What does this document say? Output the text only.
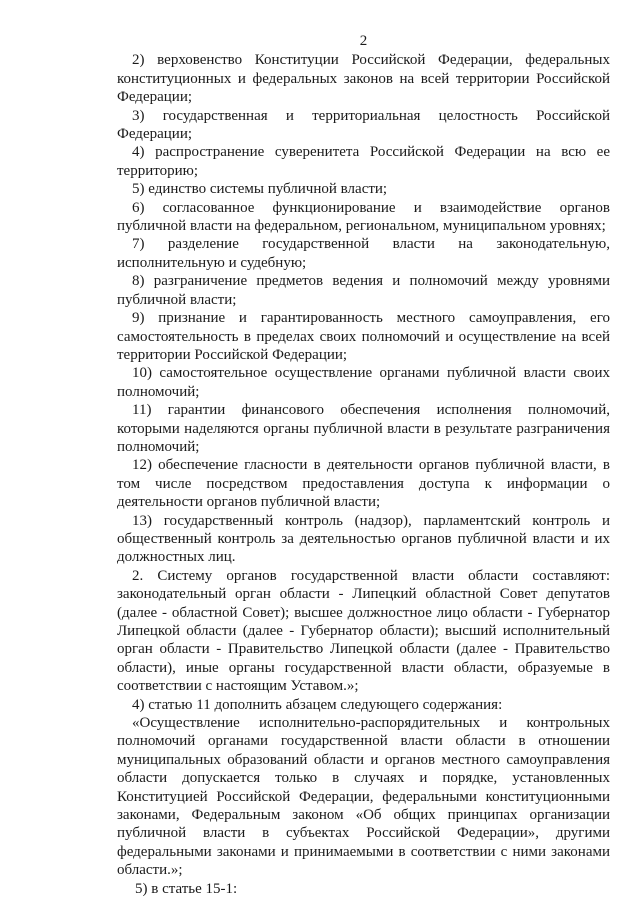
2

2) верховенство Конституции Российской Федерации, федеральных конституционных и федеральных законов на всей территории Российской Федерации;

3) государственная и территориальная целостность Российской Федерации;

4) распространение суверенитета Российской Федерации на всю ее территорию;

5) единство системы публичной власти;

6) согласованное функционирование и взаимодействие органов публичной власти на федеральном, региональном, муниципальном уровнях;

7) разделение государственной власти на законодательную, исполнительную и судебную;

8) разграничение предметов ведения и полномочий между уровнями публичной власти;

9) признание и гарантированность местного самоуправления, его самостоятельность в пределах своих полномочий и осуществление на всей территории Российской Федерации;

10) самостоятельное осуществление органами публичной власти своих полномочий;

11) гарантии финансового обеспечения исполнения полномочий, которыми наделяются органы публичной власти в результате разграничения полномочий;

12) обеспечение гласности в деятельности органов публичной власти, в том числе посредством предоставления доступа к информации о деятельности органов публичной власти;

13) государственный контроль (надзор), парламентский контроль и общественный контроль за деятельностью органов публичной власти и их должностных лиц.

2. Систему органов государственной власти области составляют: законодательный орган области - Липецкий областной Совет депутатов (далее - областной Совет); высшее должностное лицо области - Губернатор Липецкой области (далее - Губернатор области); высший исполнительный орган области - Правительство Липецкой области (далее - Правительство области), иные органы государственной власти области, образуемые в соответствии с настоящим Уставом.»;

4) статью 11 дополнить абзацем следующего содержания:

«Осуществление исполнительно-распорядительных и контрольных полномочий органами государственной власти области в отношении муниципальных образований области и органов местного самоуправления области допускается только в случаях и порядке, установленных Конституцией Российской Федерации, федеральными конституционными законами, Федеральным законом «Об общих принципах организации публичной власти в субъектах Российской Федерации», другими федеральными законами и принимаемыми в соответствии с ними законами области.»;

5) в статье 15-1:
